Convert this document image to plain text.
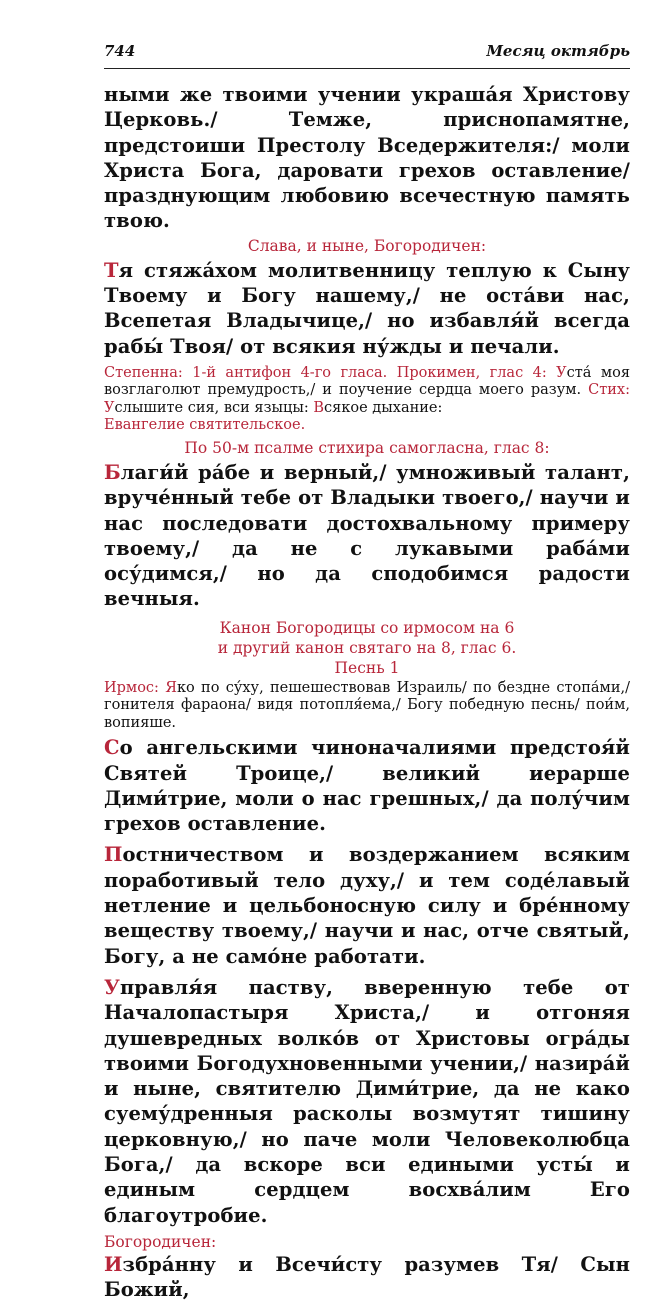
744	Месяц октябрь

ными же твоими учении украша́я Христову Церковь./ Темже, приснопамятне, предстоиши Престолу Вседержителя:/ моли Христа Бога, даровати грехов оставление/ празднующим любовию всечестную память твою.

Слава, и ныне, Богородичен:

Тя стяжа́хом молитвенницу теплую к Сыну Твоему и Богу нашему,/ не оста́ви нас, Всепетая Владычице,/ но избавля́й всегда рабы́ Твоя/ от всякия ну́жды и печали.

Степенна: 1-й антифон 4-го гласа. Прокимен, глас 4: Уста́ моя возглаголют премудрость,/ и поучение сердца моего разум. Стих: Услышите сия, вси языцы: Всякое дыхание:
Евангелие святительское.

По 50-м псалме стихира самогласна, глас 8:

Благи́й ра́бе и верный,/ умноживый талант, вруче́нный тебе от Владыки твоего,/ научи и нас последовати достохвальному примеру твоему,/ да не с лукавыми раба́ми осу́димся,/ но да сподобимся радости вечныя.

Канон Богородицы со ирмосом на 6
и другий канон святаго на 8, глас 6.
Песнь 1

Ирмос: Яко по су́ху, пешешествовав Израиль/ по бездне стопа́ми,/ гонителя фараона/ видя потопля́ема,/ Богу победную песнь/ пои́м, вопияше.

Со ангельскими чиноначалиями предстоя́й Святей Троице,/ великий иерарше Дими́трие, моли о нас грешных,/ да полу́чим грехов оставление.

Постничеством и воздержанием всяким пораб́отивый тело духу,/ и тем соде́лавый нетление и цельбоносную силу и бре́нному веществу твоему,/ научи и нас, отче святый, Богу, а не само́не работати.

Управля́я паству, вверенную тебе от Началопастыря Христа,/ и отгоняя душевредных волко́в от Христовы огра́ды твоими Богодухновенными учении,/ назира́й и ныне, святителю Дими́трие, да не како суему́дренныя расколы возмутят тишину церковную,/ но паче моли Человеколюбца Бога,/ да вскоре вси едиными усты́ и единым сердцем восхва́лим Его благоутробие.

Богородичен:

Избра́нну и Всечи́сту разумев Тя/ Сын Божий,
